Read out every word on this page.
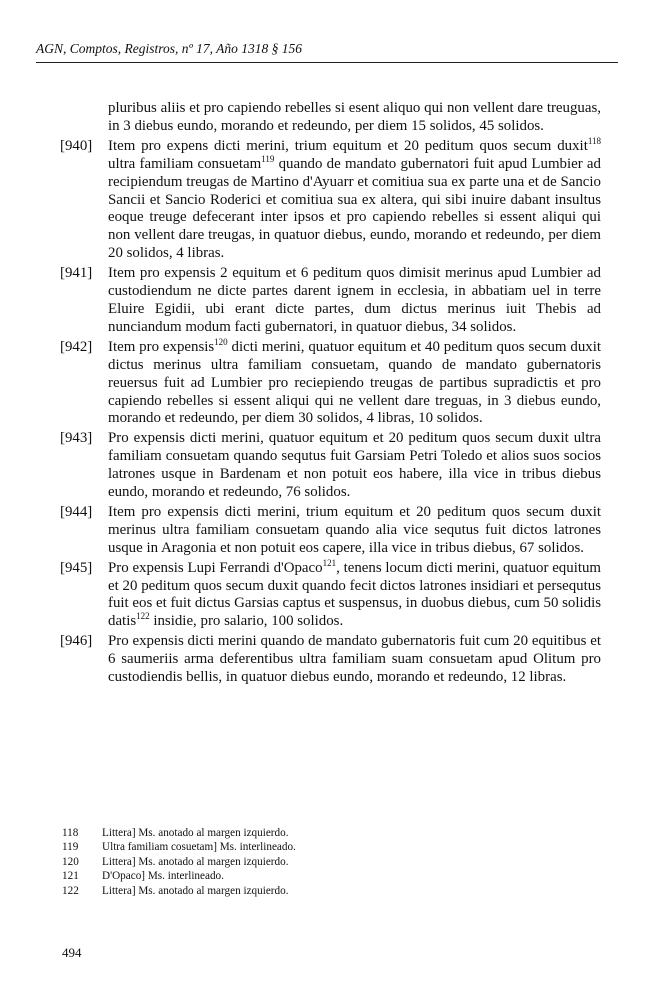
AGN, Comptos, Registros, nº 17, Año 1318 § 156
pluribus aliis et pro capiendo rebelles si esent aliquo qui non vellent dare treuguas, in 3 diebus eundo, morando et redeundo, per diem 15 solidos, 45 solidos.
[940] Item pro expens dicti merini, trium equitum et 20 peditum quos secum duxit$^{118}$ ultra familiam consuetam$^{119}$ quando de mandato gubernatori fuit apud Lumbier ad recipiendum treugas de Martino d'Ayuarr et comitiua sua ex parte una et de Sancio Sancii et Sancio Roderici et comitiua sua ex altera, qui sibi inuire dabant insultus eoque treuge defecerant inter ipsos et pro capiendo rebelles si essent aliqui qui non vellent dare treugas, in quatuor diebus, eundo, morando et redeundo, per diem 20 solidos, 4 libras.
[941] Item pro expensis 2 equitum et 6 peditum quos dimisit merinus apud Lumbier ad custodiendum ne dicte partes darent ignem in ecclesia, in abbatiam uel in terre Eluire Egidii, ubi erant dicte partes, dum dictus merinus iuit Thebis ad nunciandum modum facti gubernatori, in quatuor diebus, 34 solidos.
[942] Item pro expensis$^{120}$ dicti merini, quatuor equitum et 40 peditum quos secum duxit dictus merinus ultra familiam consuetam, quando de mandato gubernatoris reuersus fuit ad Lumbier pro reciepiendo treugas de partibus supradictis et pro capiendo rebelles si essent aliqui qui ne vellent dare treguas, in 3 diebus eundo, morando et redeundo, per diem 30 solidos, 4 libras, 10 solidos.
[943] Pro expensis dicti merini, quatuor equitum et 20 peditum quos secum duxit ultra familiam consuetam quando sequtus fuit Garsiam Petri Toledo et alios suos socios latrones usque in Bardenam et non potuit eos habere, illa vice in tribus diebus eundo, morando et redeundo, 76 solidos.
[944] Item pro expensis dicti merini, trium equitum et 20 peditum quos secum duxit merinus ultra familiam consuetam quando alia vice sequtus fuit dictos latrones usque in Aragonia et non potuit eos capere, illa vice in tribus diebus, 67 solidos.
[945] Pro expensis Lupi Ferrandi d'Opaco$^{121}$, tenens locum dicti merini, quatuor equitum et 20 peditum quos secum duxit quando fecit dictos latrones insidiari et persequtus fuit eos et fuit dictus Garsias captus et suspensus, in duobus diebus, cum 50 solidis datis$^{122}$ insidie, pro salario, 100 solidos.
[946] Pro expensis dicti merini quando de mandato gubernatoris fuit cum 20 equitibus et 6 saumeriis arma deferentibus ultra familiam suam consuetam apud Olitum pro custodiendis bellis, in quatuor diebus eundo, morando et redeundo, 12 libras.
118	Littera] Ms. anotado al margen izquierdo.
119	Ultra familiam cosuetam] Ms. interlineado.
120	Littera] Ms. anotado al margen izquierdo.
121	D'Opaco] Ms. interlineado.
122	Littera] Ms. anotado al margen izquierdo.
494
